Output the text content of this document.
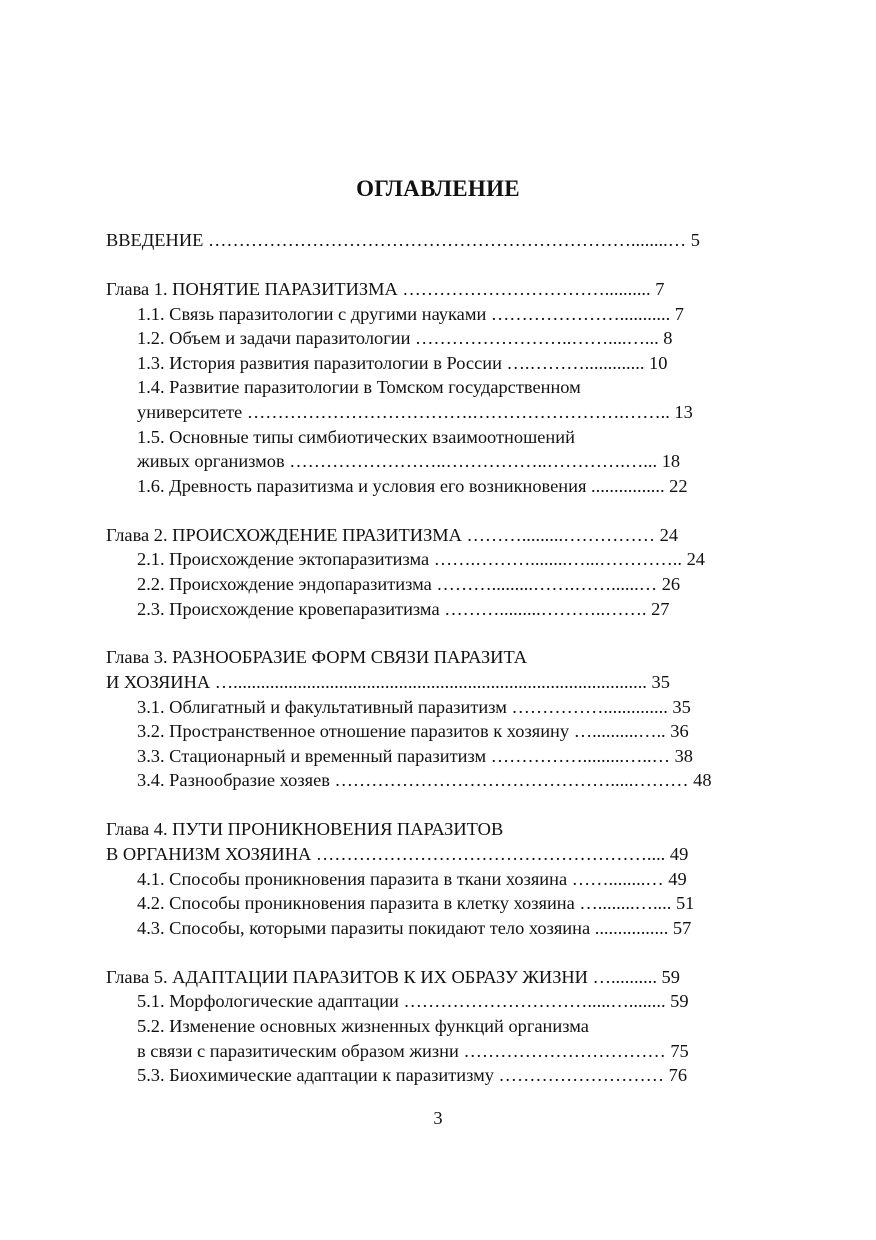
ОГЛАВЛЕНИЕ
ВВЕДЕНИЕ ……………………………………………………………........… 5
Глава 1. ПОНЯТИЕ ПАРАЗИТИЗМА …………………………….......... 7
1.1. Связь паразитологии с другими науками …………………........... 7
1.2. Объем и задачи паразитологии ……………………..……....…... 8
1.3. История развития паразитологии в России ….………............. 10
1.4. Развитие паразитологии в Томском государственном
университете ……………………………….…………………….…….. 13
1.5. Основные типы симбиотических взаимоотношений
живых организмов ……………………..……………..………….…... 18
1.6. Древность паразитизма и условия его возникновения ................ 22
Глава 2. ПРОИСХОЖДЕНИЕ ПРАЗИТИЗМА ……….........…………… 24
2.1. Происхождение эктопаразитизма …….………........…...………….. 24
2.2. Происхождение эндопаразитизма ……….........…….……......… 26
2.3. Происхождение кровепаразитизма ……….........………..……. 27
Глава 3. РАЗНООБРАЗИЕ ФОРМ СВЯЗИ ПАРАЗИТА
И ХОЗЯИНА ….......................................................................................... 35
3.1. Облигатный и факультативный паразитизм …………….............. 35
3.2. Пространственное отношение паразитов к хозяину …..........….. 36
3.3. Стационарный и временный паразитизм …………….........…..… 38
3.4. Разнообразие хозяев ……………………………………….....……… 48
Глава 4. ПУТИ ПРОНИКНОВЕНИЯ ПАРАЗИТОВ
В ОРГАНИЗМ ХОЗЯИНА ……………………………………………….... 49
4.1. Способы проникновения паразита в ткани хозяина ……........… 49
4.2. Способы проникновения паразита в клетку хозяина …........….... 51
4.3. Способы, которыми паразиты покидают тело хозяина ................ 57
Глава 5. АДАПТАЦИИ ПАРАЗИТОВ К ИХ ОБРАЗУ ЖИЗНИ ….......... 59
5.1. Морфологические адаптации ………………………….....…........ 59
5.2. Изменение основных жизненных функций организма
в связи с паразитическим образом жизни …………………………… 75
5.3. Биохимические адаптации к паразитизму ……………………… 76
3
